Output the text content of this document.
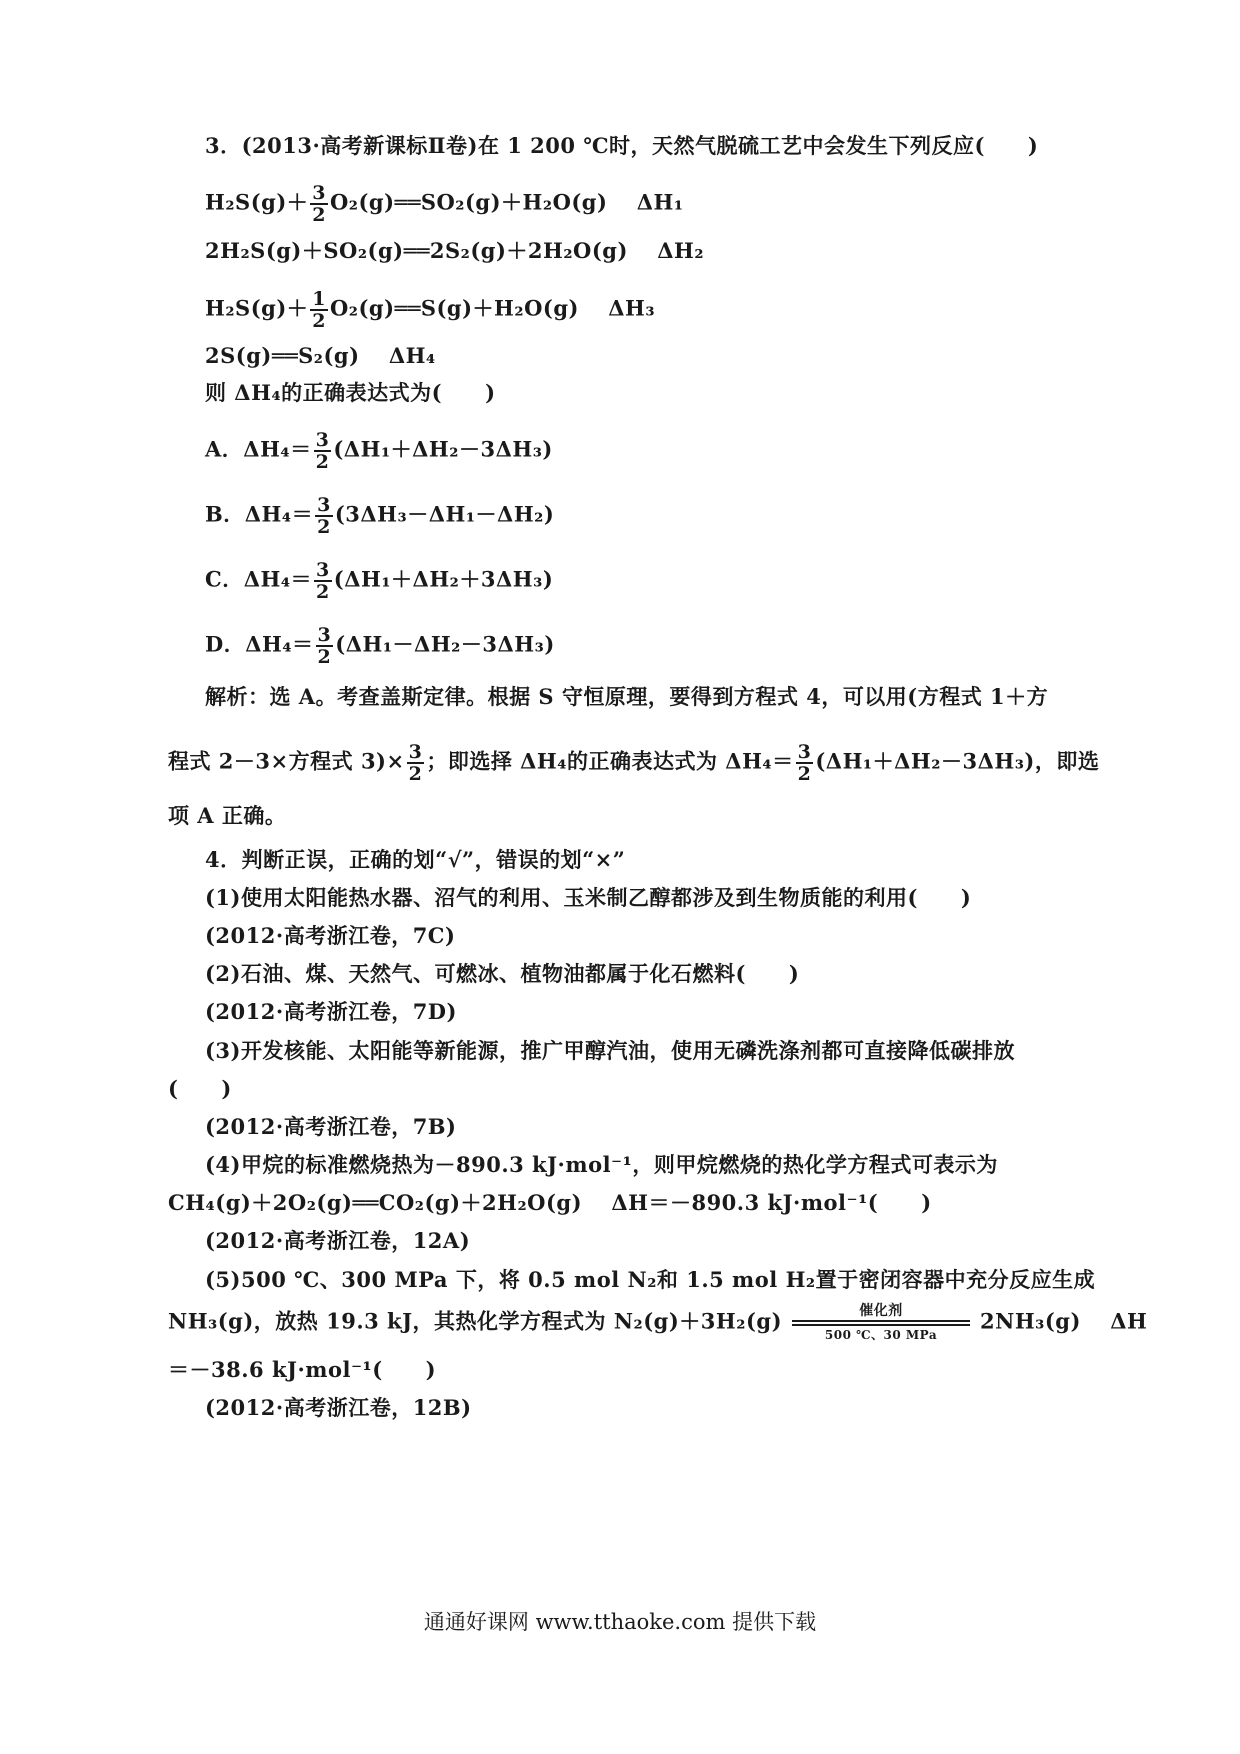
3．(2013·高考新课标Ⅱ卷)在 1 200 ℃时，天然气脱硫工艺中会发生下列反应(　　)
$H_2S(g)+ \frac{3}{2}$ O₂(g)══SO₂(g)＋H₂O(g)　 ΔH₁
2H₂S(g)＋SO₂(g)══2S₂(g)＋2H₂O(g)　 ΔH₂
$H_2S(g)+ \frac{1}{2}$ O₂(g)══S(g)＋H₂O(g)　 ΔH₃
2S(g)══S₂(g)　 ΔH₄
则 ΔH₄的正确表达式为(　　)
A．$\Delta H_4= \frac{3}{2} (\Delta H_1+\Delta H_2-3\Delta H_3)$
B．$\Delta H_4= \frac{3}{2} (3\Delta H_3-\Delta H_1-\Delta H_2)$
C．$\Delta H_4= \frac{3}{2} (\Delta H_1+\Delta H_2+3\Delta H_3)$
D．$\Delta H_4= \frac{3}{2} (\Delta H_1-\Delta H_2-3\Delta H_3)$
解析：选 A。考查盖斯定律。根据 S 守恒原理，要得到方程式 4，可以用(方程式 1＋方
程式 2－3×方程式 $3)\times \frac{3}{2}$ ；即选择 ΔH₄的正确表达式为 $\Delta H_4= \frac{3}{2} (\Delta H_1+\Delta H_2-3\Delta H_3)$，即选
项 A 正确。
4．判断正误，正确的划“√”，错误的划“×”
(1)使用太阳能热水器、沼气的利用、玉米制乙醇都涉及到生物质能的利用(　　)
(2012·高考浙江卷，7C)
(2)石油、煤、天然气、可燃冰、植物油都属于化石燃料(　　)
(2012·高考浙江卷，7D)
(3)开发核能、太阳能等新能源，推广甲醇汽油，使用无磷洗涤剂都可直接降低碳排放
(　　)
(2012·高考浙江卷，7B)
(4)甲烷的标准燃烧热为－890.3 kJ·mol⁻¹，则甲烷燃烧的热化学方程式可表示为
CH₄(g)＋2O₂(g)══CO₂(g)＋2H₂O(g)　 ΔH＝－890.3 kJ·mol⁻¹(　　)
(2012·高考浙江卷，12A)
(5)500 ℃、300 MPa 下，将 0.5 mol N₂和 1.5 mol H₂置于密闭容器中充分反应生成
NH₃(g)，放热 19.3 kJ，其热化学方程式为 N₂(g)＋3H₂(g)	催化剂
500 ℃、30 MPa
2NH₃(g)　 ΔH
＝－38.6 kJ·mol⁻¹(　　)
(2012·高考浙江卷，12B)
通通好课网 www.tthaoke.com 提供下载
